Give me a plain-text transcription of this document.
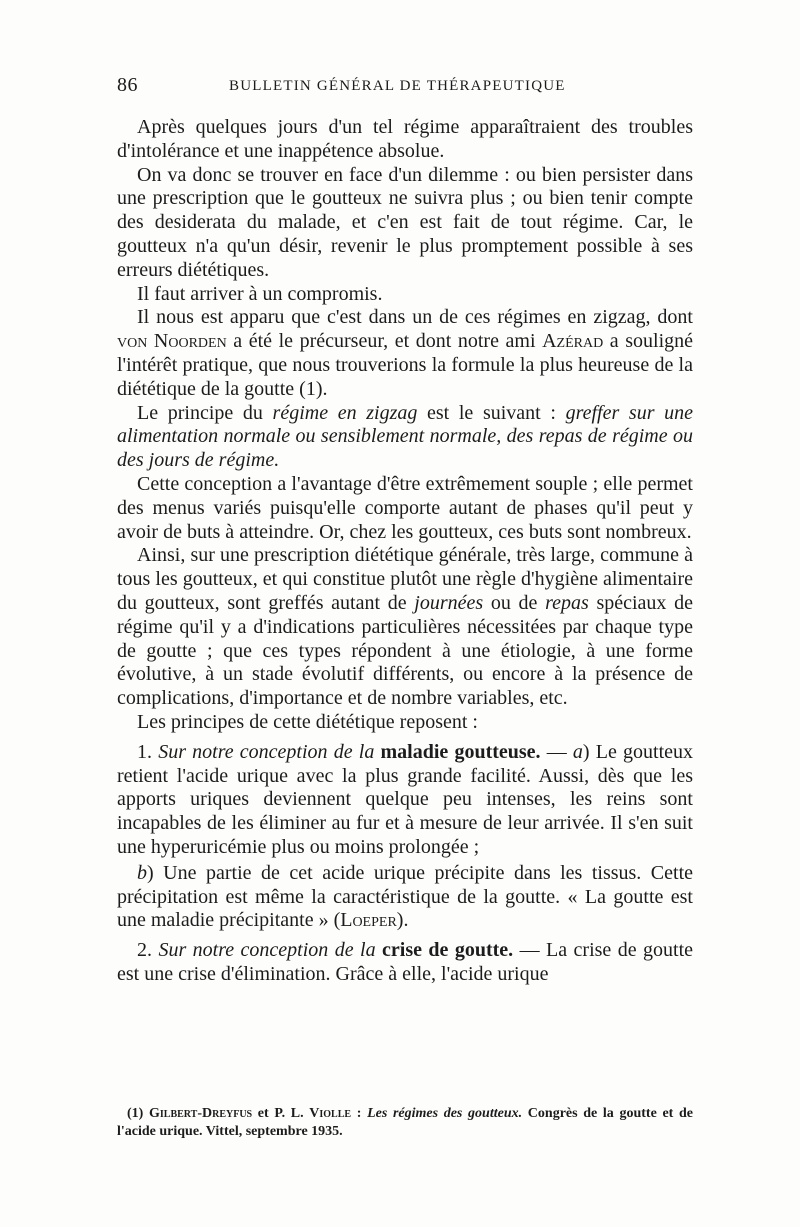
86	BULLETIN GÉNÉRAL DE THÉRAPEUTIQUE

Après quelques jours d'un tel régime apparaîtraient des troubles d'intolérance et une inappétence absolue.

On va donc se trouver en face d'un dilemme : ou bien persister dans une prescription que le goutteux ne suivra plus ; ou bien tenir compte des desiderata du malade, et c'en est fait de tout régime. Car, le goutteux n'a qu'un désir, revenir le plus promptement possible à ses erreurs diététiques.

Il faut arriver à un compromis.

Il nous est apparu que c'est dans un de ces régimes en zigzag, dont von Noorden a été le précurseur, et dont notre ami Azérad a souligné l'intérêt pratique, que nous trouverions la formule la plus heureuse de la diététique de la goutte (1).

Le principe du régime en zigzag est le suivant : greffer sur une alimentation normale ou sensiblement normale, des repas de régime ou des jours de régime.

Cette conception a l'avantage d'être extrêmement souple ; elle permet des menus variés puisqu'elle comporte autant de phases qu'il peut y avoir de buts à atteindre. Or, chez les goutteux, ces buts sont nombreux.

Ainsi, sur une prescription diététique générale, très large, commune à tous les goutteux, et qui constitue plutôt une règle d'hygiène alimentaire du goutteux, sont greffés autant de journées ou de repas spéciaux de régime qu'il y a d'indications particulières nécessitées par chaque type de goutte ; que ces types répondent à une étiologie, à une forme évolutive, à un stade évolutif différents, ou encore à la présence de complications, d'importance et de nombre variables, etc.

Les principes de cette diététique reposent :

1. Sur notre conception de la maladie goutteuse. — a) Le goutteux retient l'acide urique avec la plus grande facilité. Aussi, dès que les apports uriques deviennent quelque peu intenses, les reins sont incapables de les éliminer au fur et à mesure de leur arrivée. Il s'en suit une hyperuricémie plus ou moins prolongée ;

b) Une partie de cet acide urique précipite dans les tissus. Cette précipitation est même la caractéristique de la goutte. « La goutte est une maladie précipitante » (Loeper).

2. Sur notre conception de la crise de goutte. — La crise de goutte est une crise d'élimination. Grâce à elle, l'acide urique

(1) Gilbert-Dreyfus et P. L. Violle : Les régimes des goutteux. Congrès de la goutte et de l'acide urique. Vittel, septembre 1935.
